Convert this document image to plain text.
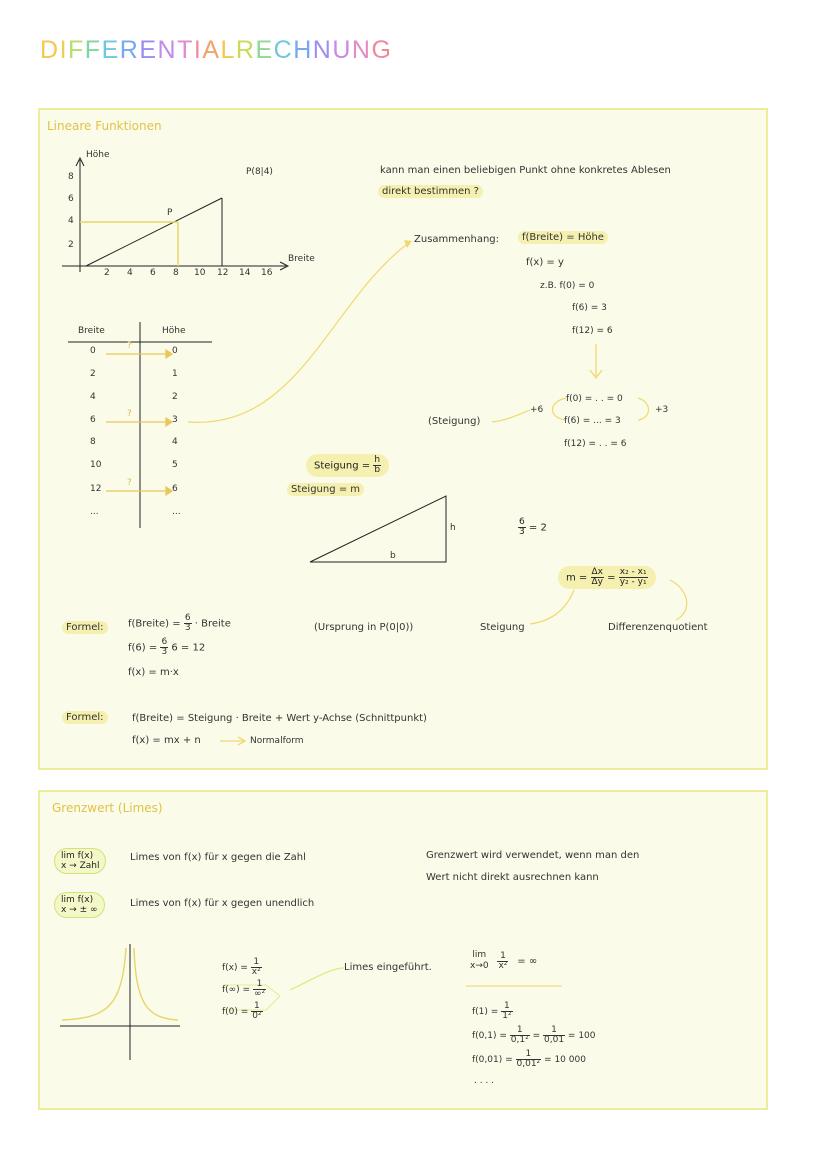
DIFFERENTIALRECHNUNG
Lineare Funktionen
Höhe
8
6
4
2
2 4 6 8 10 12 14 16
Breite
P
P(8|4)
Breite	Höhe
0	0
2	1
4	2
6	3
8	4
10	5
12	6
...	...
?
?
?
kann man einen beliebigen Punkt ohne konkretes Ablesen
direkt bestimmen ?
Zusammenhang:	f(Breite) = Höhe
f(x) = y
z.B. f(0) = 0
f(6) = 3
f(12) = 6
f(0) = . . = 0
f(6) = ... = 3
f(12) = . . = 6
+6	+3
(Steigung)
Steigung = $\frac{h}{b}$
Steigung = m
h
b
$\frac{6}{3} = 2$
$m = \frac{\Delta x}{\Delta y} = \frac{\text{x₂ - x₁}}{\text{y₂ - y₁}}$
Steigung	Differenzenquotient
Formel:	f(Breite) = $\frac{6}{3}$ · Breite
$f(6) = \frac{6}{3} 6 = 12$
f(x) = m·x
(Ursprung in P(0|0))
Formel:	f(Breite) = Steigung · Breite + Wert y-Achse (Schnittpunkt)
f(x) = mx + n	Normalform
Grenzwert (Limes)
lim f(x)
x → Zahl
Limes von f(x) für x gegen die Zahl
lim f(x)
x → ± ∞
Limes von f(x) für x gegen unendlich
Grenzwert wird verwendet, wenn man den
Wert nicht direkt ausrechnen kann
$f(x) = \frac{1}{\text{x²}}$
$f(\infty) = \frac{1}{\text{∞²}}$
$f(0) = \frac{1}{\text{0²}}$
Limes eingeführt.
lim
x→0
$\frac{1}{\text{x²}}$ = ∞
$f(1) = \frac{1}{\text{1²}}$
$f(0,1) = \frac{1}{\text{0,1²}} = \frac{1}{0,01} = 100$
$f(0,01) = \frac{1}{\text{0,01²}} = 10$ 000
. . . .
